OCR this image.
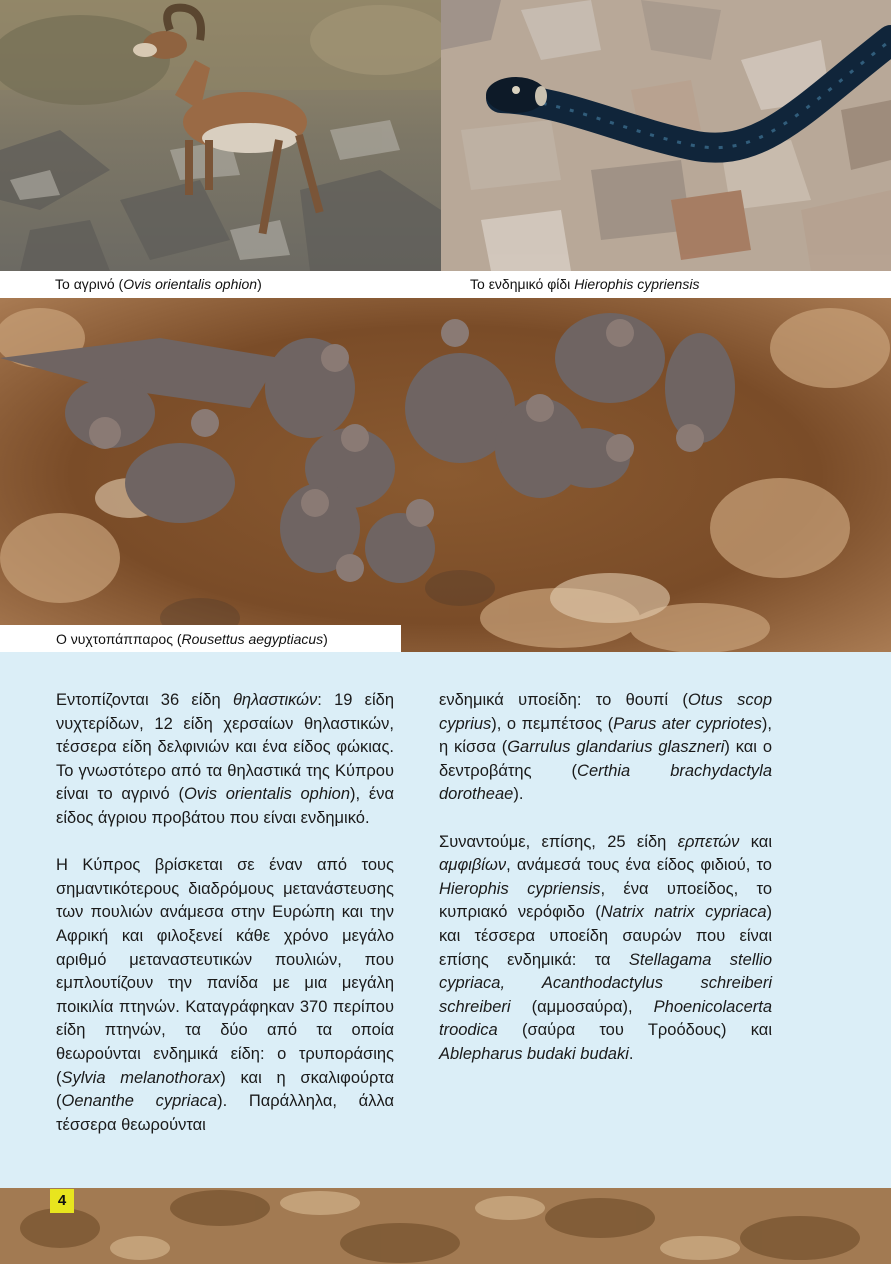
Το αγρινό (Ovis orientalis ophion)	Το ενδημικό φίδι Hierophis cypriensis
Ο νυχτοπάππαρος (Rousettus aegyptiacus)

Εντοπίζονται 36 είδη θηλαστικών: 19 είδη νυχτερίδων, 12 είδη χερσαίων θηλαστικών, τέσσερα είδη δελφινιών και ένα είδος φώκιας. Το γνωστότερο από τα θηλαστικά της Κύπρου είναι το αγρινό (Ovis orientalis ophion), ένα είδος άγριου προβάτου που είναι ενδημικό.

Η Κύπρος βρίσκεται σε έναν από τους σημαντικότερους διαδρόμους μετανάστευσης των πουλιών ανάμεσα στην Ευρώπη και την Αφρική και φιλοξενεί κάθε χρόνο μεγάλο αριθμό μεταναστευτικών πουλιών, που εμπλουτίζουν την πανίδα με μια μεγάλη ποικιλία πτηνών. Καταγράφηκαν 370 περίπου είδη πτηνών, τα δύο από τα οποία θεωρούνται ενδημικά είδη: ο τρυποράσιης (Sylvia melanothorax) και η σκαλιφούρτα (Oenanthe cypriaca). Παράλληλα, άλλα τέσσερα θεωρούνται

ενδημικά υποείδη: το θουπί (Otus scop cyprius), ο πεμπέτσος (Parus ater cypriotes), η κίσσα (Garrulus glandarius glaszneri) και ο δεντροβάτης (Certhia brachydactyla dorotheae).

Συναντούμε, επίσης, 25 είδη ερπετών και αμφιβίων, ανάμεσά τους ένα είδος φιδιού, το Hierophis cypriensis, ένα υποείδος, το κυπριακό νερόφιδο (Natrix natrix cypriaca) και τέσσερα υποείδη σαυρών που είναι επίσης ενδημικά: τα Stellagama stellio cypriaca, Acanthodactylus schreiberi schreiberi (αμμοσαύρα), Phoenicolacerta troodica (σαύρα του Τροόδους) και Ablepharus budaki budaki.

4
